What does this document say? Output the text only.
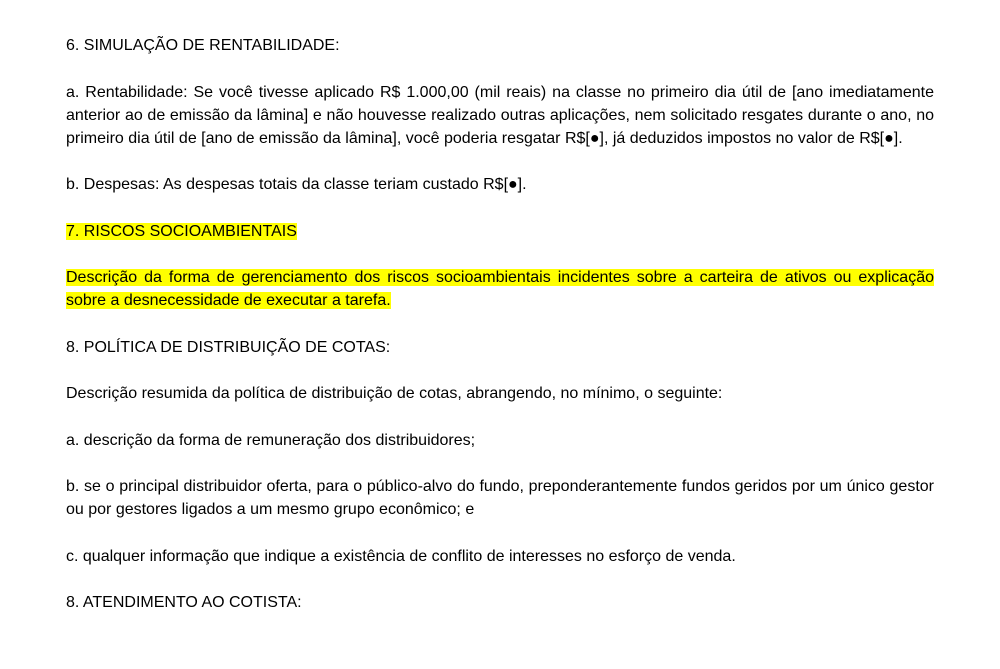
6. SIMULAÇÃO DE RENTABILIDADE:

a. Rentabilidade: Se você tivesse aplicado R$ 1.000,00 (mil reais) na classe no primeiro dia útil de [ano imediatamente anterior ao de emissão da lâmina] e não houvesse realizado outras aplicações, nem solicitado resgates durante o ano, no primeiro dia útil de [ano de emissão da lâmina], você poderia resgatar R$[●], já deduzidos impostos no valor de R$[●].

b. Despesas: As despesas totais da classe teriam custado R$[●].

7. RISCOS SOCIOAMBIENTAIS

Descrição da forma de gerenciamento dos riscos socioambientais incidentes sobre a carteira de ativos ou explicação sobre a desnecessidade de executar a tarefa.

8. POLÍTICA DE DISTRIBUIÇÃO DE COTAS:

Descrição resumida da política de distribuição de cotas, abrangendo, no mínimo, o seguinte:

a. descrição da forma de remuneração dos distribuidores;

b. se o principal distribuidor oferta, para o público-alvo do fundo, preponderantemente fundos geridos por um único gestor ou por gestores ligados a um mesmo grupo econômico; e

c. qualquer informação que indique a existência de conflito de interesses no esforço de venda.

8. ATENDIMENTO AO COTISTA:
